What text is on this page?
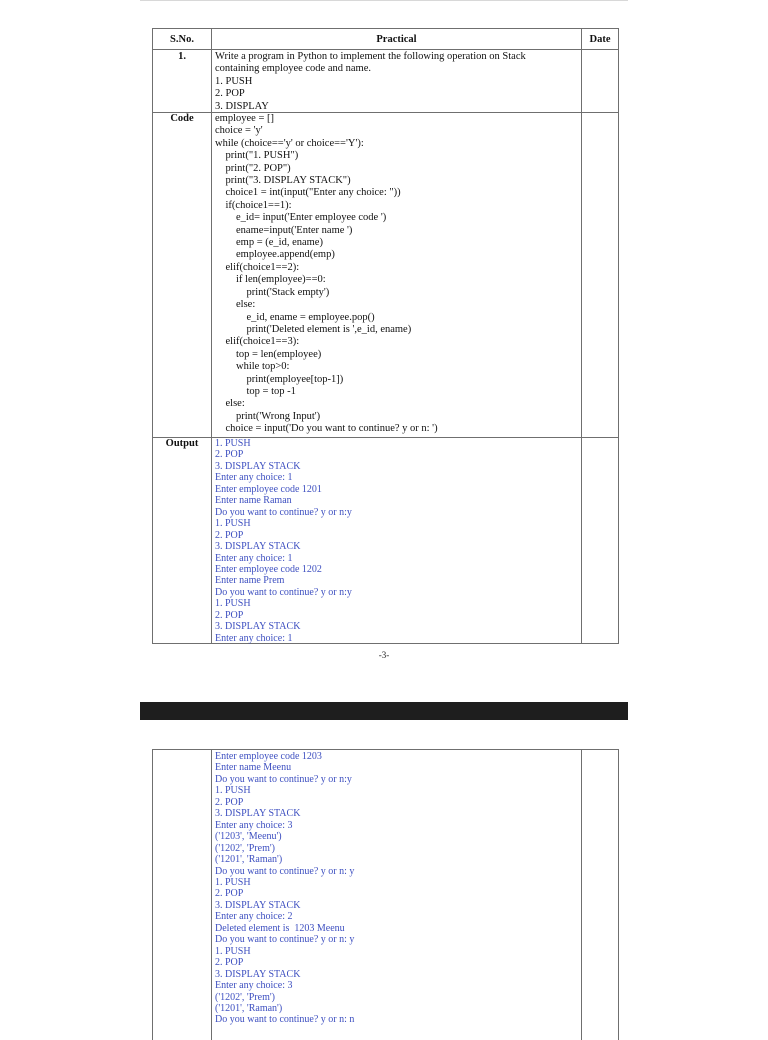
S.No.	Practical	Date
1.	Write a program in Python to implement the following operation on Stack
containing employee code and name.
1. PUSH
2. POP
3. DISPLAY
Code	employee = []
choice = 'y'
while (choice=='y' or choice=='Y'):
print("1. PUSH")
print("2. POP")
print("3. DISPLAY STACK")
choice1 = int(input("Enter any choice: "))
if(choice1==1):
e_id= input('Enter employee code ')
ename=input('Enter name ')
emp = (e_id, ename)
employee.append(emp)
elif(choice1==2):
if len(employee)==0:
print('Stack empty')
else:
e_id, ename = employee.pop()
print('Deleted element is ',e_id, ename)
elif(choice1==3):
top = len(employee)
while top>0:
print(employee[top-1])
top = top -1
else:
print('Wrong Input')
choice = input('Do you want to continue? y or n: ')
Output	1. PUSH
2. POP
3. DISPLAY STACK
Enter any choice: 1
Enter employee code 1201
Enter name Raman
Do you want to continue? y or n:y
1. PUSH
2. POP
3. DISPLAY STACK
Enter any choice: 1
Enter employee code 1202
Enter name Prem
Do you want to continue? y or n:y
1. PUSH
2. POP
3. DISPLAY STACK
Enter any choice: 1
-3-
Enter employee code 1203
Enter name Meenu
Do you want to continue? y or n:y
1. PUSH
2. POP
3. DISPLAY STACK
Enter any choice: 3
('1203', 'Meenu')
('1202', 'Prem')
('1201', 'Raman')
Do you want to continue? y or n: y
1. PUSH
2. POP
3. DISPLAY STACK
Enter any choice: 2
Deleted element is  1203 Meenu
Do you want to continue? y or n: y
1. PUSH
2. POP
3. DISPLAY STACK
Enter any choice: 3
('1202', 'Prem')
('1201', 'Raman')
Do you want to continue? y or n: n
